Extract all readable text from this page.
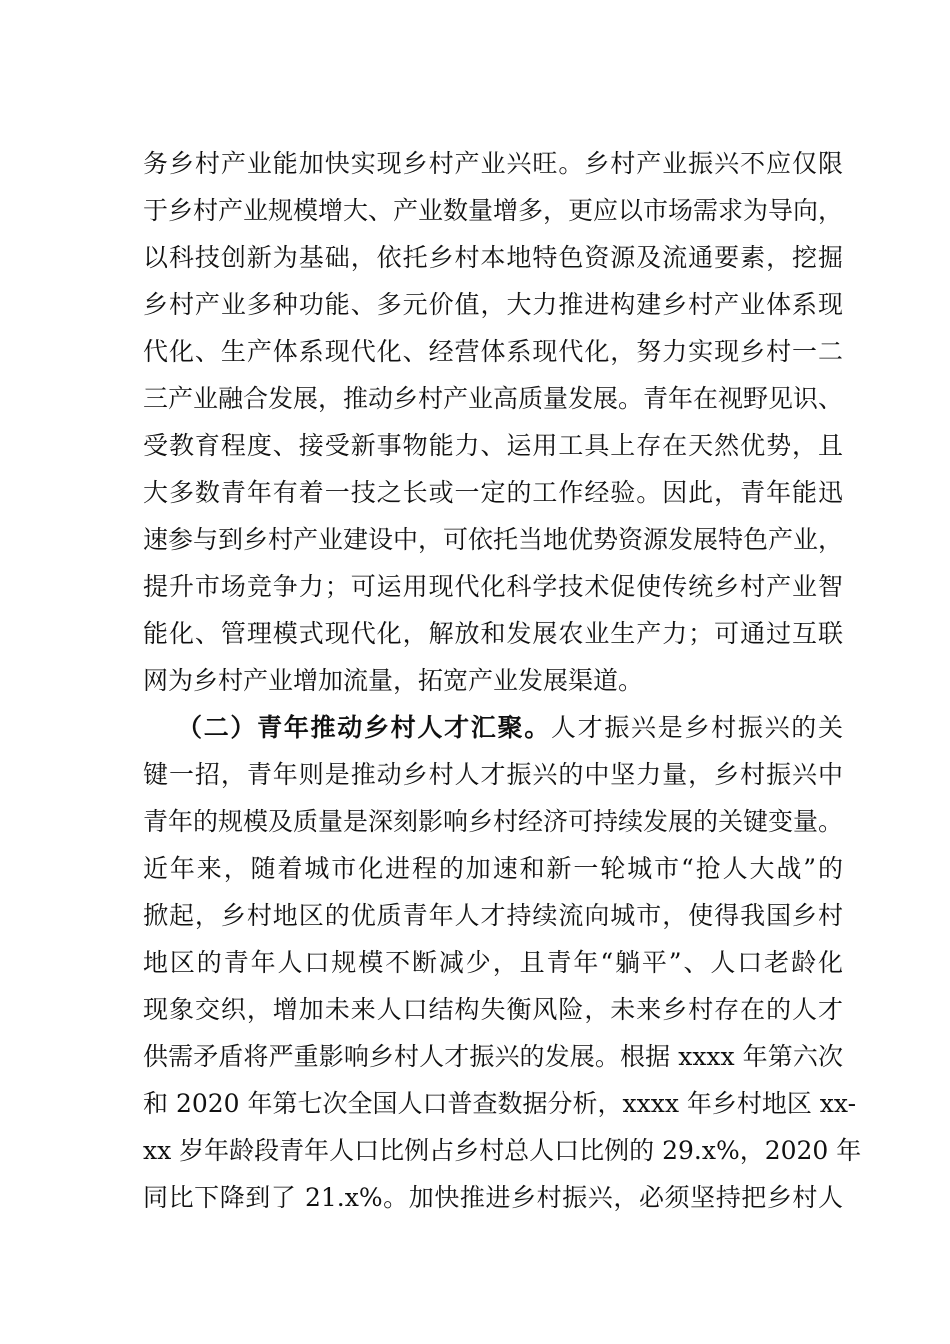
务乡村产业能加快实现乡村产业兴旺。乡村产业振兴不应仅限
于乡村产业规模增大、产业数量增多，更应以市场需求为导向，
以科技创新为基础，依托乡村本地特色资源及流通要素，挖掘
乡村产业多种功能、多元价值，大力推进构建乡村产业体系现
代化、生产体系现代化、经营体系现代化，努力实现乡村一二
三产业融合发展，推动乡村产业高质量发展。青年在视野见识、
受教育程度、接受新事物能力、运用工具上存在天然优势，且
大多数青年有着一技之长或一定的工作经验。因此，青年能迅
速参与到乡村产业建设中，可依托当地优势资源发展特色产业，
提升市场竞争力；可运用现代化科学技术促使传统乡村产业智
能化、管理模式现代化，解放和发展农业生产力；可通过互联
网为乡村产业增加流量，拓宽产业发展渠道。
（二）青年推动乡村人才汇聚。人才振兴是乡村振兴的关
键一招，青年则是推动乡村人才振兴的中坚力量，乡村振兴中
青年的规模及质量是深刻影响乡村经济可持续发展的关键变量。
近年来，随着城市化进程的加速和新一轮城市“抢人大战”的
掀起，乡村地区的优质青年人才持续流向城市，使得我国乡村
地区的青年人口规模不断减少，且青年“躺平”、人口老龄化
现象交织，增加未来人口结构失衡风险，未来乡村存在的人才
供需矛盾将严重影响乡村人才振兴的发展。根据 xxxx 年第六次
和 2020 年第七次全国人口普查数据分析，xxxx 年乡村地区 xx-
xx 岁年龄段青年人口比例占乡村总人口比例的 29.x%，2020 年
同比下降到了 21.x%。加快推进乡村振兴，必须坚持把乡村人
